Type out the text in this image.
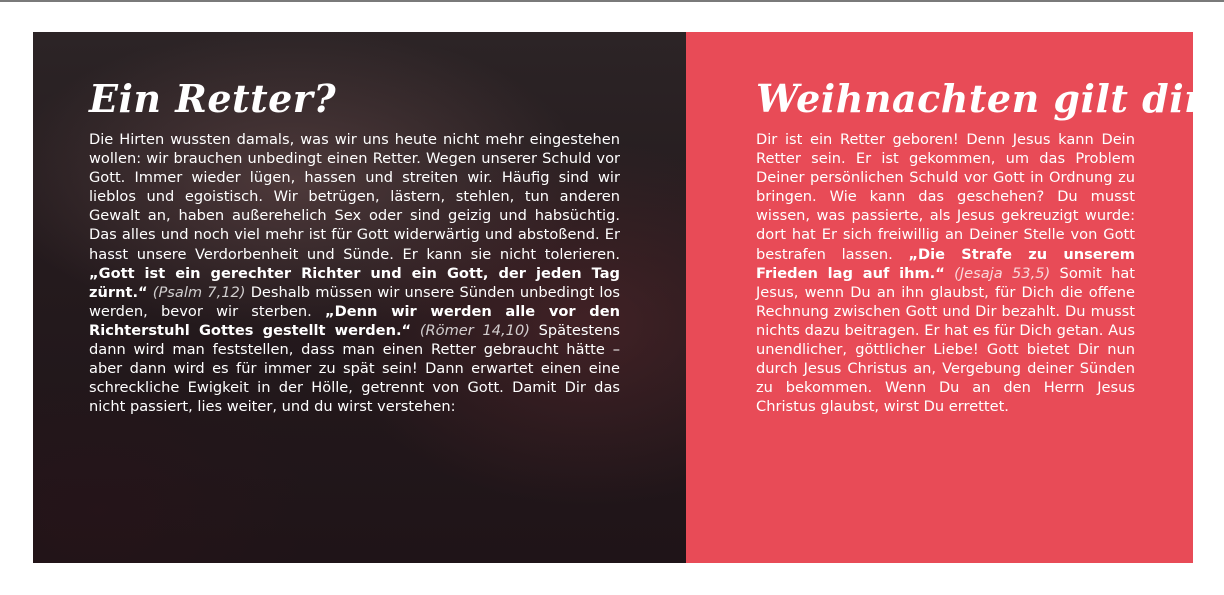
Ein Retter?

Die Hirten wussten damals, was wir uns heute nicht mehr eingestehen wollen: wir brauchen unbedingt einen Retter. Wegen unserer Schuld vor Gott. Immer wieder lügen, hassen und streiten wir. Häufig sind wir lieblos und egoistisch. Wir betrügen, lästern, stehlen, tun anderen Gewalt an, haben außerehelich Sex oder sind geizig und habsüchtig. Das alles und noch viel mehr ist für Gott widerwärtig und abstoßend. Er hasst unsere Verdorbenheit und Sünde. Er kann sie nicht tolerieren. „Gott ist ein gerechter Richter und ein Gott, der jeden Tag zürnt.“ (Psalm 7,12) Deshalb müssen wir unsere Sünden unbedingt los werden, bevor wir sterben. „Denn wir werden alle vor den Richterstuhl Gottes gestellt werden.“ (Römer 14,10) Spätestens dann wird man feststellen, dass man einen Retter gebraucht hätte – aber dann wird es für immer zu spät sein! Dann erwartet einen eine schreckliche Ewigkeit in der Hölle, getrennt von Gott. Damit Dir das nicht passiert, lies weiter, und du wirst verstehen:

Weihnachten gilt dir!

Dir ist ein Retter geboren! Denn Jesus kann Dein Retter sein. Er ist gekommen, um das Problem Deiner persönlichen Schuld vor Gott in Ordnung zu bringen. Wie kann das geschehen? Du musst wissen, was passierte, als Jesus gekreuzigt wurde: dort hat Er sich freiwillig an Deiner Stelle von Gott bestrafen lassen. „Die Strafe zu unserem Frieden lag auf ihm.“ (Jesaja 53,5) Somit hat Jesus, wenn Du an ihn glaubst, für Dich die offene Rechnung zwischen Gott und Dir bezahlt. Du musst nichts dazu beitragen. Er hat es für Dich getan. Aus unendlicher, göttlicher Liebe! Gott bietet Dir nun durch Jesus Christus an, Vergebung deiner Sünden zu bekommen. Wenn Du an den Herrn Jesus Christus glaubst, wirst Du errettet.
